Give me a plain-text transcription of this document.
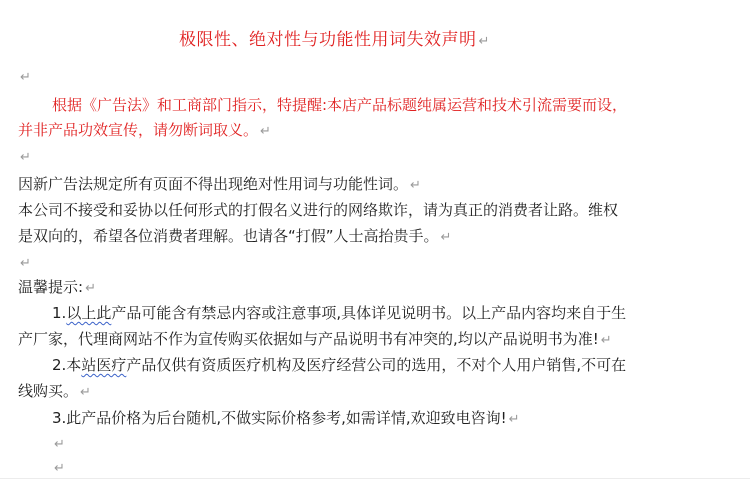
极限性、绝对性与功能性用词失效声明 ↵
↵
根据《广告法》和工商部门指示，特提醒:本店产品标题纯属运营和技术引流需要而设，
并非产品功效宣传，请勿断词取义。 ↵
↵
因新广告法规定所有页面不得出现绝对性用词与功能性词。 ↵
本公司不接受和妥协以任何形式的打假名义进行的网络欺诈，请为真正的消费者让路。维权
是双向的，希望各位消费者理解。也请各“打假”人士高抬贵手。 ↵
↵
温馨提示: ↵
1.以上此产品可能含有禁忌内容或注意事项,具体详见说明书。以上产品内容均来自于生
产厂家，代理商网站不作为宣传购买依据如与产品说明书有冲突的,均以产品说明书为准! ↵
2.本站医疗产品仅供有资质医疗机构及医疗经营公司的选用，不对个人用户销售,不可在
线购买。 ↵
3.此产品价格为后台随机,不做实际价格参考,如需详情,欢迎致电咨询! ↵
↵
↵
